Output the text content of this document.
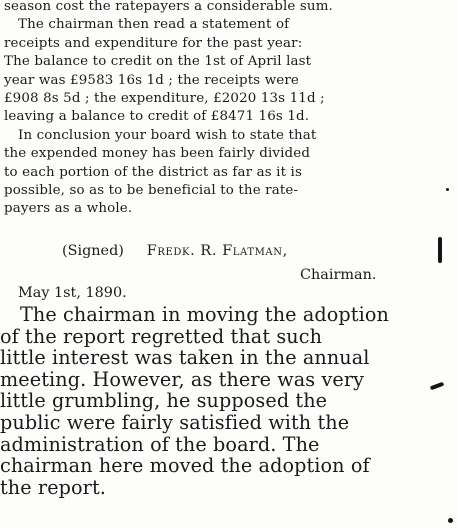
season cost the ratepayers a considerable sum.
The chairman then read a statement of
receipts and expenditure for the past year:
The balance to credit on the 1st of April last
year was £9583 16s 1d ; the receipts were
£908 8s 5d ; the expenditure, £2020 13s 11d ;
leaving a balance to credit of £8471 16s 1d.
In conclusion your board wish to state that
the expended money has been fairly divided
to each portion of the district as far as it is
possible, so as to be beneficial to the rate-
payers as a whole.
(Signed) Fredk. R. Flatman,
Chairman.
May 1st, 1890.
The chairman in moving the adoption
of the report regretted that such
little interest was taken in the annual
meeting. However, as there was very
little grumbling, he supposed the
public were fairly satisfied with the
administration of the board. The
chairman here moved the adoption of
the report.
